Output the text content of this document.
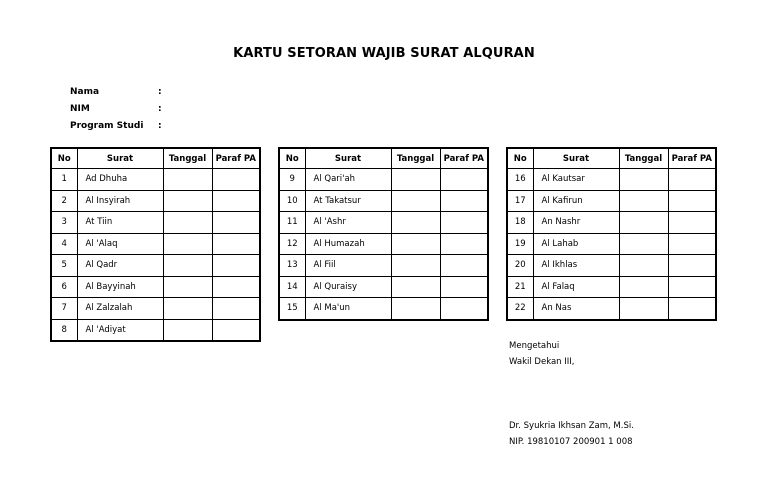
KARTU SETORAN WAJIB SURAT ALQURAN
Nama	:
NIM	:
Program Studi	:
No	Surat	Tanggal	Paraf PA
1	Ad Dhuha		
2	Al Insyirah		
3	At Tiin		
4	Al 'Alaq		
5	Al Qadr		
6	Al Bayyinah		
7	Al Zalzalah		
8	Al 'Adiyat		
No	Surat	Tanggal	Paraf PA
9	Al Qari'ah		
10	At Takatsur		
11	Al 'Ashr		
12	Al Humazah		
13	Al Fiil		
14	Al Quraisy		
15	Al Ma'un		
No	Surat	Tanggal	Paraf PA
16	Al Kautsar		
17	Al Kafirun		
18	An Nashr		
19	Al Lahab		
20	Al Ikhlas		
21	Al Falaq		
22	An Nas		
Mengetahui
Wakil Dekan III,
Dr. Syukria Ikhsan Zam, M.Si.
NIP. 19810107 200901 1 008
